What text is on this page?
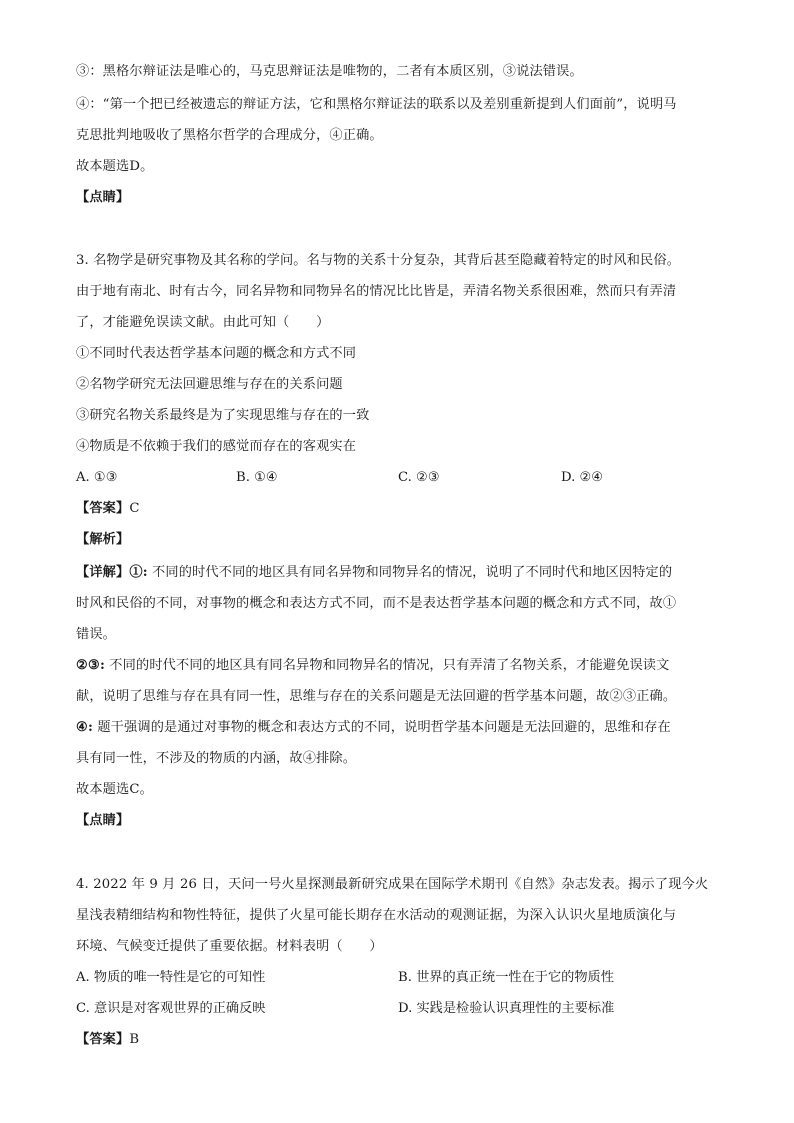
③：黑格尔辩证法是唯心的，马克思辩证法是唯物的，二者有本质区别，③说法错误。
④：“第一个把已经被遗忘的辩证方法，它和黑格尔辩证法的联系以及差别重新提到人们面前”，说明马
克思批判地吸收了黑格尔哲学的合理成分，④正确。
故本题选D。
【点睛】
3. 名物学是研究事物及其名称的学问。名与物的关系十分复杂，其背后甚至隐藏着特定的时风和民俗。
由于地有南北、时有古今，同名异物和同物异名的情况比比皆是，弄清名物关系很困难，然而只有弄清
了，才能避免误读文献。由此可知（　　）
①不同时代表达哲学基本问题的概念和方式不同
②名物学研究无法回避思维与存在的关系问题
③研究名物关系最终是为了实现思维与存在的一致
④物质是不依赖于我们的感觉而存在的客观实在
A. ①③	B. ①④	C. ②③	D. ②④
【答案】C
【解析】
【详解】①: 不同的时代不同的地区具有同名异物和同物异名的情况，说明了不同时代和地区因特定的
时风和民俗的不同，对事物的概念和表达方式不同，而不是表达哲学基本问题的概念和方式不同，故①
错误。
②③: 不同的时代不同的地区具有同名异物和同物异名的情况，只有弄清了名物关系，才能避免误读文
献，说明了思维与存在具有同一性，思维与存在的关系问题是无法回避的哲学基本问题，故②③正确。
④: 题干强调的是通过对事物的概念和表达方式的不同，说明哲学基本问题是无法回避的，思维和存在
具有同一性，不涉及的物质的内涵，故④排除。
故本题选C。
【点睛】
4. 2022 年 9 月 26 日，天问一号火星探测最新研究成果在国际学术期刊《自然》杂志发表。揭示了现今火
星浅表精细结构和物性特征，提供了火星可能长期存在水活动的观测证据，为深入认识火星地质演化与
环境、气候变迁提供了重要依据。材料表明（　　）
A. 物质的唯一特性是它的可知性	B. 世界的真正统一性在于它的物质性
C. 意识是对客观世界的正确反映	D. 实践是检验认识真理性的主要标准
【答案】B
